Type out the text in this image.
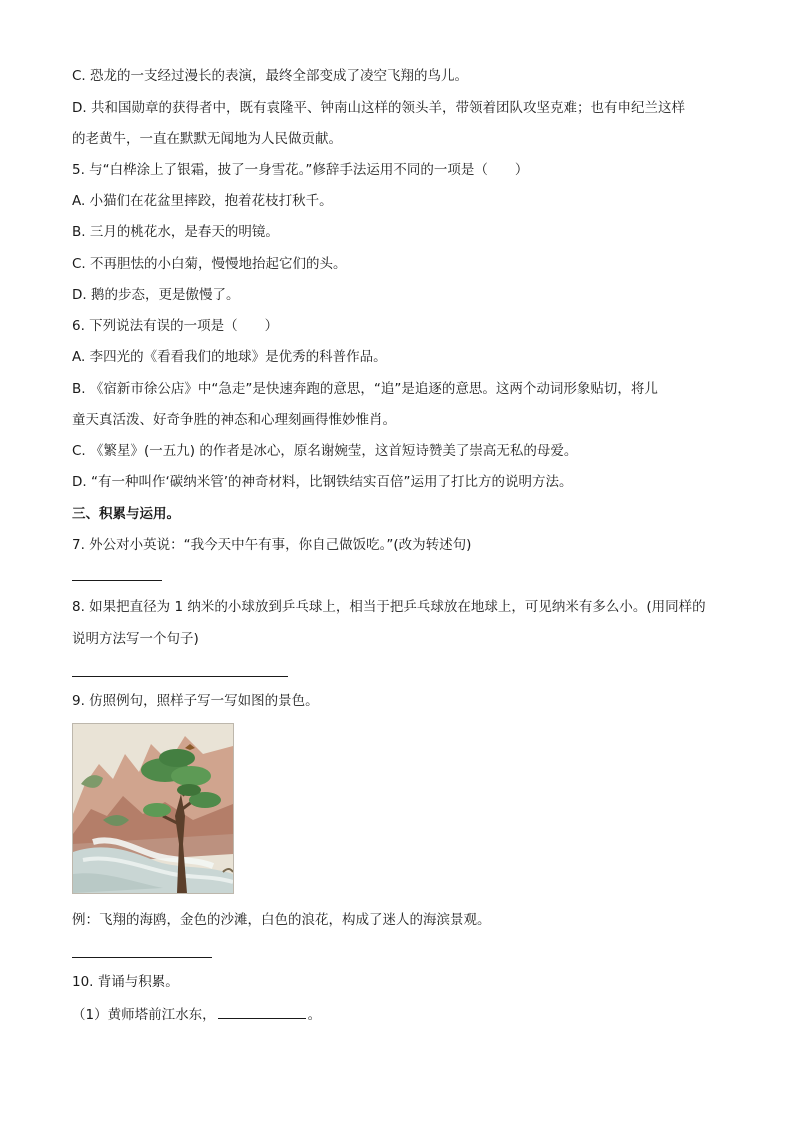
C. 恐龙的一支经过漫长的表演，最终全部变成了凌空飞翔的鸟儿。
D. 共和国勋章的获得者中，既有袁隆平、钟南山这样的领头羊，带领着团队攻坚克难；也有申纪兰这样
的老黄牛，一直在默默无闻地为人民做贡献。
5. 与“白桦涂上了银霜，披了一身雪花。”修辞手法运用不同的一项是（　　）
A. 小猫们在花盆里摔跤，抱着花枝打秋千。
B. 三月的桃花水，是春天的明镜。
C. 不再胆怯的小白菊，慢慢地抬起它们的头。
D. 鹅的步态，更是傲慢了。
6. 下列说法有误的一项是（　　）
A. 李四光的《看看我们的地球》是优秀的科普作品。
B. 《宿新市徐公店》中“急走”是快速奔跑的意思，“追”是追逐的意思。这两个动词形象贴切，将儿
童天真活泼、好奇争胜的神态和心理刻画得惟妙惟肖。
C. 《繁星》(一五九) 的作者是冰心，原名谢婉莹，这首短诗赞美了崇高无私的母爱。
D. “有一种叫作‘碳纳米管’的神奇材料，比钢铁结实百倍”运用了打比方的说明方法。
三、积累与运用。
7. 外公对小英说：“我今天中午有事，你自己做饭吃。”(改为转述句)
8. 如果把直径为 1 纳米的小球放到乒乓球上，相当于把乒乓球放在地球上，可见纳米有多么小。(用同样的
说明方法写一个句子)
9. 仿照例句，照样子写一写如图的景色。
例：飞翔的海鸥，金色的沙滩，白色的浪花，构成了迷人的海滨景观。
10. 背诵与积累。
（1）黄师塔前江水东，	。
